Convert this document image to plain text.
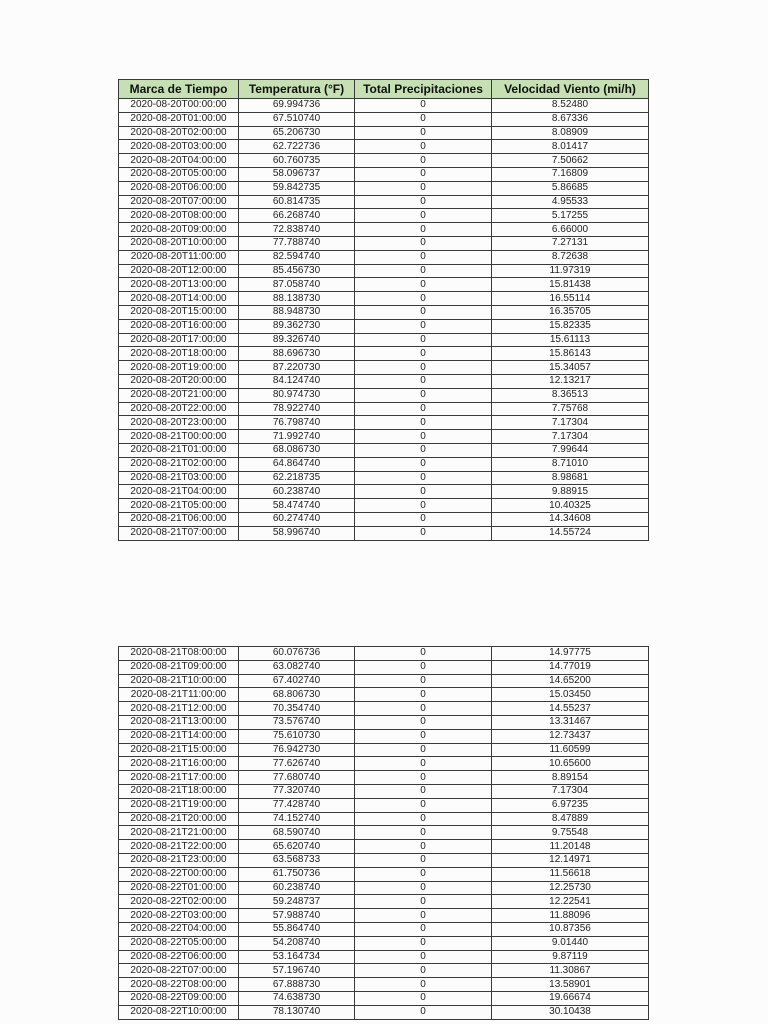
Marca de Tiempo	Temperatura (°F)	Total Precipitaciones	Velocidad Viento (mi/h)
2020-08-20T00:00:00	69.994736	0	8.52480
2020-08-20T01:00:00	67.510740	0	8.67336
2020-08-20T02:00:00	65.206730	0	8.08909
2020-08-20T03:00:00	62.722736	0	8.01417
2020-08-20T04:00:00	60.760735	0	7.50662
2020-08-20T05:00:00	58.096737	0	7.16809
2020-08-20T06:00:00	59.842735	0	5.86685
2020-08-20T07:00:00	60.814735	0	4.95533
2020-08-20T08:00:00	66.268740	0	5.17255
2020-08-20T09:00:00	72.838740	0	6.66000
2020-08-20T10:00:00	77.788740	0	7.27131
2020-08-20T11:00:00	82.594740	0	8.72638
2020-08-20T12:00:00	85.456730	0	11.97319
2020-08-20T13:00:00	87.058740	0	15.81438
2020-08-20T14:00:00	88.138730	0	16.55114
2020-08-20T15:00:00	88.948730	0	16.35705
2020-08-20T16:00:00	89.362730	0	15.82335
2020-08-20T17:00:00	89.326740	0	15.61113
2020-08-20T18:00:00	88.696730	0	15.86143
2020-08-20T19:00:00	87.220730	0	15.34057
2020-08-20T20:00:00	84.124740	0	12.13217
2020-08-20T21:00:00	80.974730	0	8.36513
2020-08-20T22:00:00	78.922740	0	7.75768
2020-08-20T23:00:00	76.798740	0	7.17304
2020-08-21T00:00:00	71.992740	0	7.17304
2020-08-21T01:00:00	68.086730	0	7.99644
2020-08-21T02:00:00	64.864740	0	8.71010
2020-08-21T03:00:00	62.218735	0	8.98681
2020-08-21T04:00:00	60.238740	0	9.88915
2020-08-21T05:00:00	58.474740	0	10.40325
2020-08-21T06:00:00	60.274740	0	14.34608
2020-08-21T07:00:00	58.996740	0	14.55724
2020-08-21T08:00:00	60.076736	0	14.97775
2020-08-21T09:00:00	63.082740	0	14.77019
2020-08-21T10:00:00	67.402740	0	14.65200
2020-08-21T11:00:00	68.806730	0	15.03450
2020-08-21T12:00:00	70.354740	0	14.55237
2020-08-21T13:00:00	73.576740	0	13.31467
2020-08-21T14:00:00	75.610730	0	12.73437
2020-08-21T15:00:00	76.942730	0	11.60599
2020-08-21T16:00:00	77.626740	0	10.65600
2020-08-21T17:00:00	77.680740	0	8.89154
2020-08-21T18:00:00	77.320740	0	7.17304
2020-08-21T19:00:00	77.428740	0	6.97235
2020-08-21T20:00:00	74.152740	0	8.47889
2020-08-21T21:00:00	68.590740	0	9.75548
2020-08-21T22:00:00	65.620740	0	11.20148
2020-08-21T23:00:00	63.568733	0	12.14971
2020-08-22T00:00:00	61.750736	0	11.56618
2020-08-22T01:00:00	60.238740	0	12.25730
2020-08-22T02:00:00	59.248737	0	12.22541
2020-08-22T03:00:00	57.988740	0	11.88096
2020-08-22T04:00:00	55.864740	0	10.87356
2020-08-22T05:00:00	54.208740	0	9.01440
2020-08-22T06:00:00	53.164734	0	9.87119
2020-08-22T07:00:00	57.196740	0	11.30867
2020-08-22T08:00:00	67.888730	0	13.58901
2020-08-22T09:00:00	74.638730	0	19.66674
2020-08-22T10:00:00	78.130740	0	30.10438
